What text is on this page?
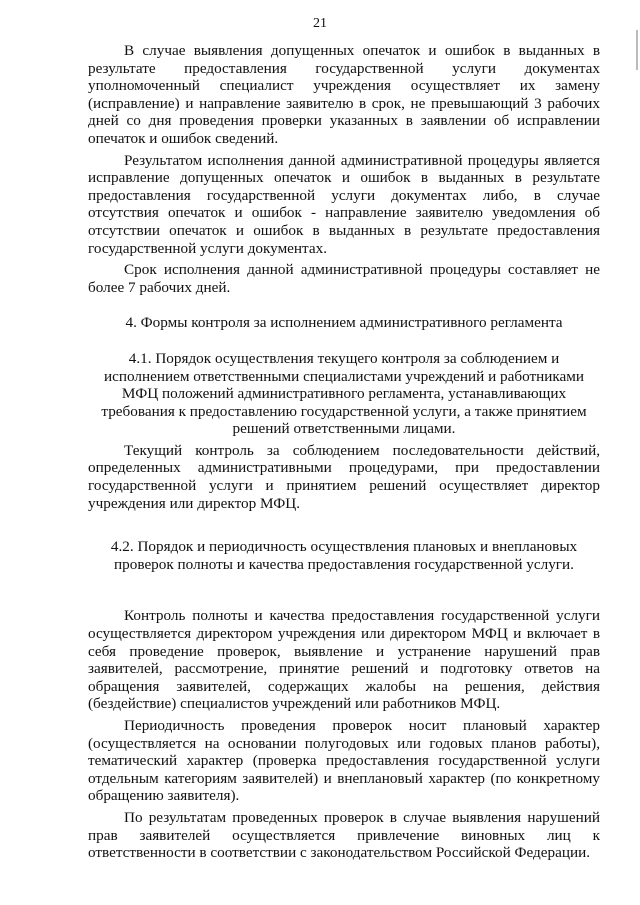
21

В случае выявления допущенных опечаток и ошибок в выданных в результате предоставления государственной услуги документах уполномоченный специалист учреждения осуществляет их замену (исправление) и направление заявителю в срок, не превышающий 3 рабочих дней со дня проведения проверки указанных в заявлении об исправлении опечаток и ошибок сведений.

Результатом исполнения данной административной процедуры является исправление допущенных опечаток и ошибок в выданных в результате предоставления государственной услуги документах либо, в случае отсутствия опечаток и ошибок - направление заявителю уведомления об отсутствии опечаток и ошибок в выданных в результате предоставления государственной услуги документах.

Срок исполнения данной административной процедуры составляет не более 7 рабочих дней.

4. Формы контроля за исполнением административного регламента

4.1. Порядок осуществления текущего контроля за соблюдением и исполнением ответственными специалистами учреждений и работниками МФЦ положений административного регламента, устанавливающих требования к предоставлению государственной услуги, а также принятием решений ответственными лицами.

Текущий контроль за соблюдением последовательности действий, определенных административными процедурами, при предоставлении государственной услуги и принятием решений осуществляет директор учреждения или директор МФЦ.

4.2. Порядок и периодичность осуществления плановых и внеплановых проверок полноты и качества предоставления государственной услуги.

Контроль полноты и качества предоставления государственной услуги осуществляется директором учреждения или директором МФЦ и включает в себя проведение проверок, выявление и устранение нарушений прав заявителей, рассмотрение, принятие решений и подготовку ответов на обращения заявителей, содержащих жалобы на решения, действия (бездействие) специалистов учреждений или работников МФЦ.

Периодичность проведения проверок носит плановый характер (осуществляется на основании полугодовых или годовых планов работы), тематический характер (проверка предоставления государственной услуги отдельным категориям заявителей) и внеплановый характер (по конкретному обращению заявителя).

По результатам проведенных проверок в случае выявления нарушений прав заявителей осуществляется привлечение виновных лиц к ответственности в соответствии с законодательством Российской Федерации.
